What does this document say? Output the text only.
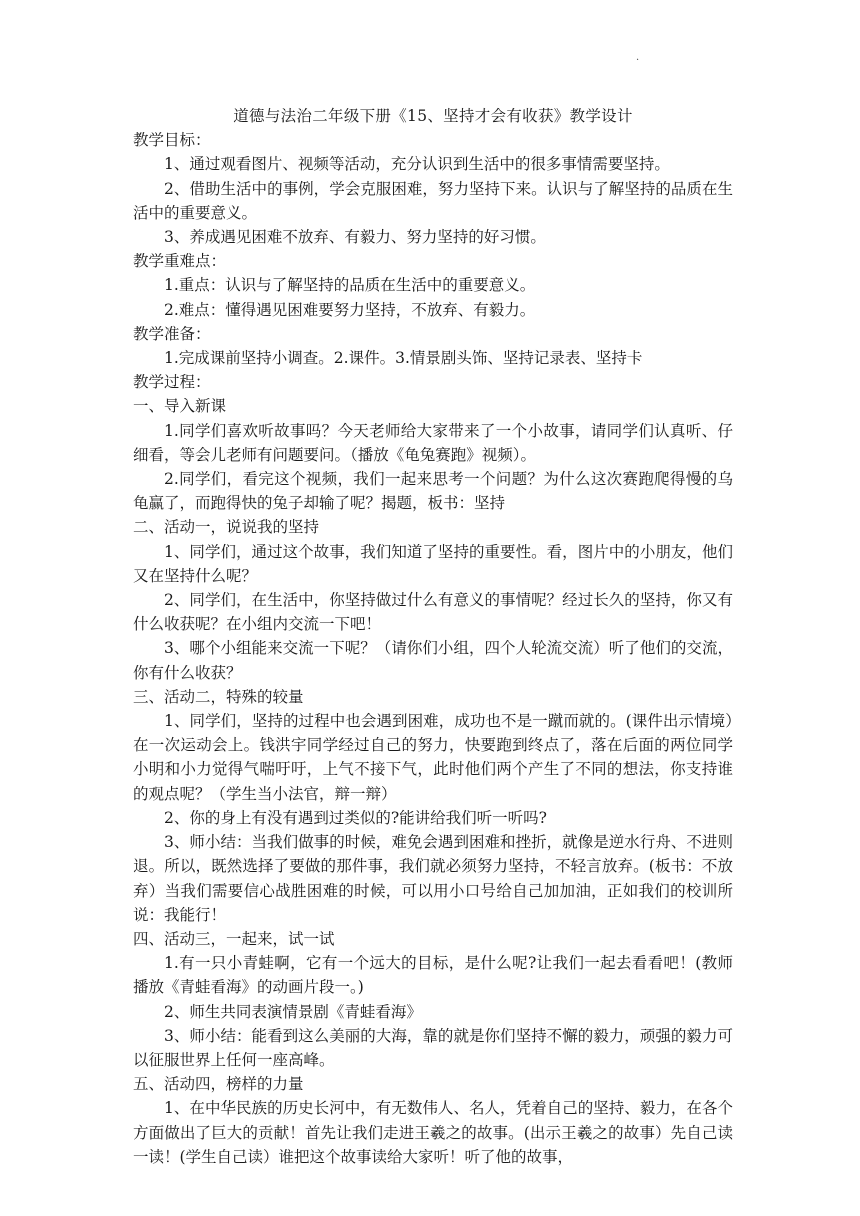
·

道德与法治二年级下册《15、坚持才会有收获》教学设计

教学目标：

1、通过观看图片、视频等活动，充分认识到生活中的很多事情需要坚持。

2、借助生活中的事例，学会克服困难，努力坚持下来。认识与了解坚持的品质在生活中的重要意义。

3、养成遇见困难不放弃、有毅力、努力坚持的好习惯。

教学重难点：

1.重点：认识与了解坚持的品质在生活中的重要意义。

2.难点：懂得遇见困难要努力坚持，不放弃、有毅力。

教学准备：

1.完成课前坚持小调查。2.课件。3.情景剧头饰、坚持记录表、坚持卡

教学过程：

一、导入新课

1.同学们喜欢听故事吗？今天老师给大家带来了一个小故事，请同学们认真听、仔细看，等会儿老师有问题要问。（播放《龟兔赛跑》视频）。

2.同学们，看完这个视频，我们一起来思考一个问题？为什么这次赛跑爬得慢的乌龟赢了，而跑得快的兔子却输了呢？揭题，板书：坚持

二、活动一，说说我的坚持

1、同学们，通过这个故事，我们知道了坚持的重要性。看，图片中的小朋友，他们又在坚持什么呢？

2、同学们，在生活中，你坚持做过什么有意义的事情呢？经过长久的坚持，你又有什么收获呢？在小组内交流一下吧！

3、哪个小组能来交流一下呢？（请你们小组，四个人轮流交流）听了他们的交流，你有什么收获？

三、活动二，特殊的较量

1、同学们，坚持的过程中也会遇到困难，成功也不是一蹴而就的。(课件出示情境）在一次运动会上。钱洪宇同学经过自己的努力，快要跑到终点了，落在后面的两位同学小明和小力觉得气喘吁吁，上气不接下气，此时他们两个产生了不同的想法，你支持谁的观点呢？（学生当小法官，辩一辩）

2、你的身上有没有遇到过类似的?能讲给我们听一听吗?

3、师小结：当我们做事的时候，难免会遇到困难和挫折，就像是逆水行舟、不进则退。所以，既然选择了要做的那件事，我们就必须努力坚持，不轻言放弃。(板书：不放弃）当我们需要信心战胜困难的时候，可以用小口号给自己加加油，正如我们的校训所说：我能行！

四、活动三，一起来，试一试

1.有一只小青蛙啊，它有一个远大的目标，是什么呢?让我们一起去看看吧！(教师播放《青蛙看海》的动画片段一。)

2、师生共同表演情景剧《青蛙看海》

3、师小结：能看到这么美丽的大海，靠的就是你们坚持不懈的毅力，顽强的毅力可以征服世界上任何一座高峰。

五、活动四，榜样的力量

1、在中华民族的历史长河中，有无数伟人、名人，凭着自己的坚持、毅力，在各个方面做出了巨大的贡献！首先让我们走进王羲之的故事。(出示王羲之的故事）先自己读一读！(学生自己读）谁把这个故事读给大家听！听了他的故事，
